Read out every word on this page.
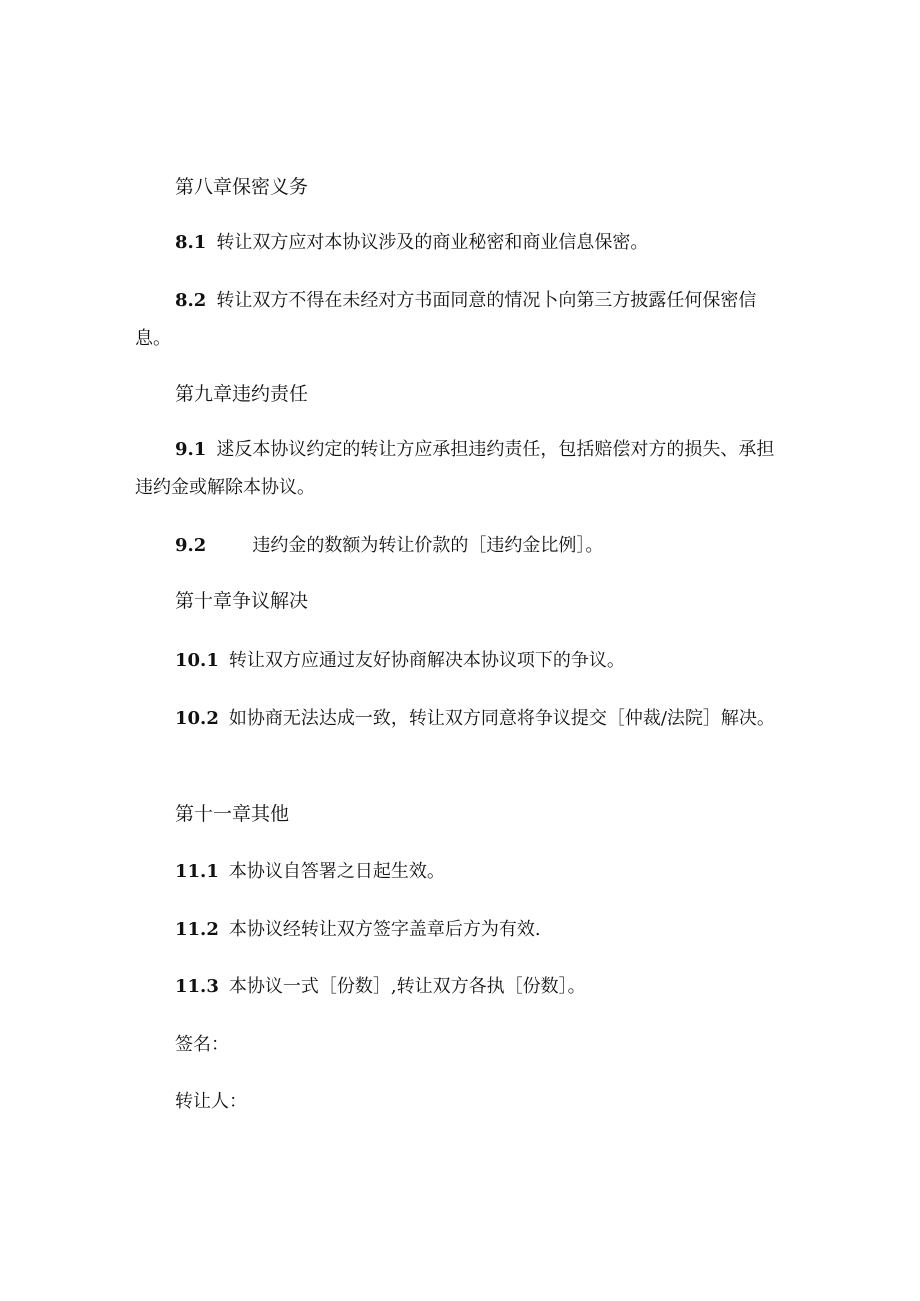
第八章保密义务
8.1 转让双方应对本协议涉及的商业秘密和商业信息保密。
8.2 转让双方不得在未经对方书面同意的情况卜向第三方披露任何保密信息。
第九章违约责任
9.1 逑反本协议约定的转让方应承担违约责任，包括赔偿对方的损失、承担违约金或解除本协议。
9.2	违约金的数额为转让价款的［违约金比例］。
第十章争议解决
10.1 转让双方应通过友好协商解决本协议项下的争议。
10.2 如协商无法达成一致，转让双方同意将争议提交［仲裁/法院］解决。
第十一章其他
11.1 本协议自答署之日起生效。
11.2 本协议经转让双方签字盖章后方为有效.
11.3 本协议一式［份数］,转让双方各执［份数］。
签名：
转让人：
